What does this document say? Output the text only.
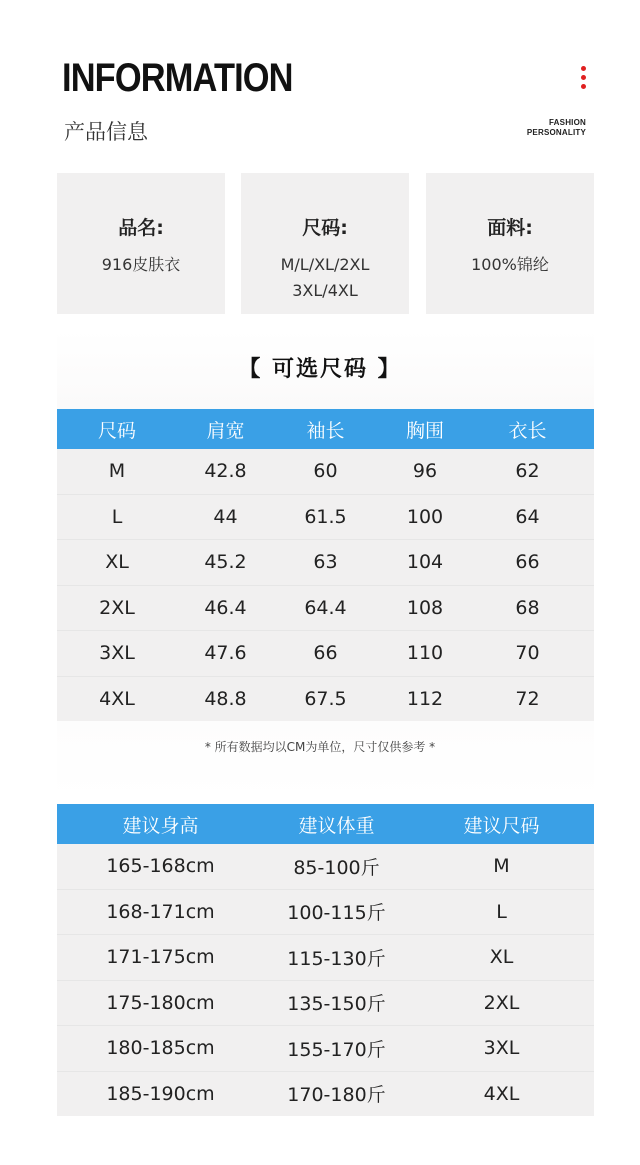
INFORMATION
产品信息	FASHION
PERSONALITY
品名:
916皮肤衣
尺码:
M/L/XL/2XL
3XL/4XL
面料:
100%锦纶
【 可选尺码 】
尺码	肩宽	袖长	胸围	衣长
M	42.8	60	96	62
L	44	61.5	100	64
XL	45.2	63	104	66
2XL	46.4	64.4	108	68
3XL	47.6	66	110	70
4XL	48.8	67.5	112	72
* 所有数据均以CM为单位，尺寸仅供参考 *
建议身高	建议体重	建议尺码
165-168cm	85-100斤	M
168-171cm	100-115斤	L
171-175cm	115-130斤	XL
175-180cm	135-150斤	2XL
180-185cm	155-170斤	3XL
185-190cm	170-180斤	4XL
